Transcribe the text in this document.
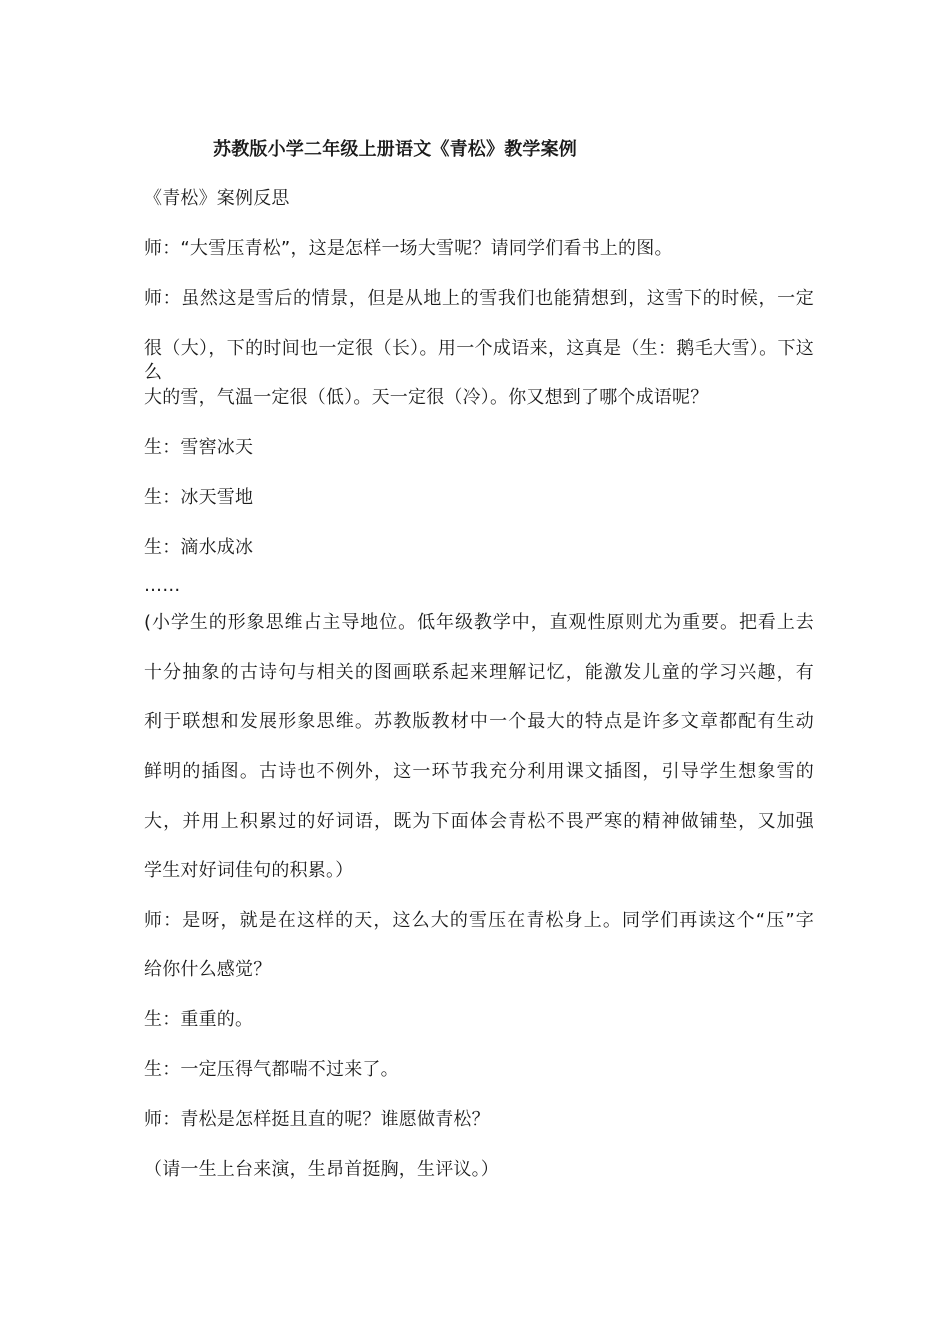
苏教版小学二年级上册语文《青松》教学案例
《青松》案例反思
师：“大雪压青松”，这是怎样一场大雪呢？请同学们看书上的图。
师：虽然这是雪后的情景，但是从地上的雪我们也能猜想到，这雪下的时候，一定
很（大），下的时间也一定很（长）。用一个成语来，这真是（生：鹅毛大雪）。下这么
大的雪，气温一定很（低）。天一定很（冷）。你又想到了哪个成语呢？
生：雪窖冰天
生：冰天雪地
生：滴水成冰
……
(小学生的形象思维占主导地位。低年级教学中，直观性原则尤为重要。把看上去
十分抽象的古诗句与相关的图画联系起来理解记忆，能激发儿童的学习兴趣，有
利于联想和发展形象思维。苏教版教材中一个最大的特点是许多文章都配有生动
鲜明的插图。古诗也不例外，这一环节我充分利用课文插图，引导学生想象雪的
大，并用上积累过的好词语，既为下面体会青松不畏严寒的精神做铺垫，又加强
学生对好词佳句的积累。）
师：是呀，就是在这样的天，这么大的雪压在青松身上。同学们再读这个“压”字
给你什么感觉？
生：重重的。
生：一定压得气都喘不过来了。
师：青松是怎样挺且直的呢？谁愿做青松？
（请一生上台来演，生昂首挺胸，生评议。）
